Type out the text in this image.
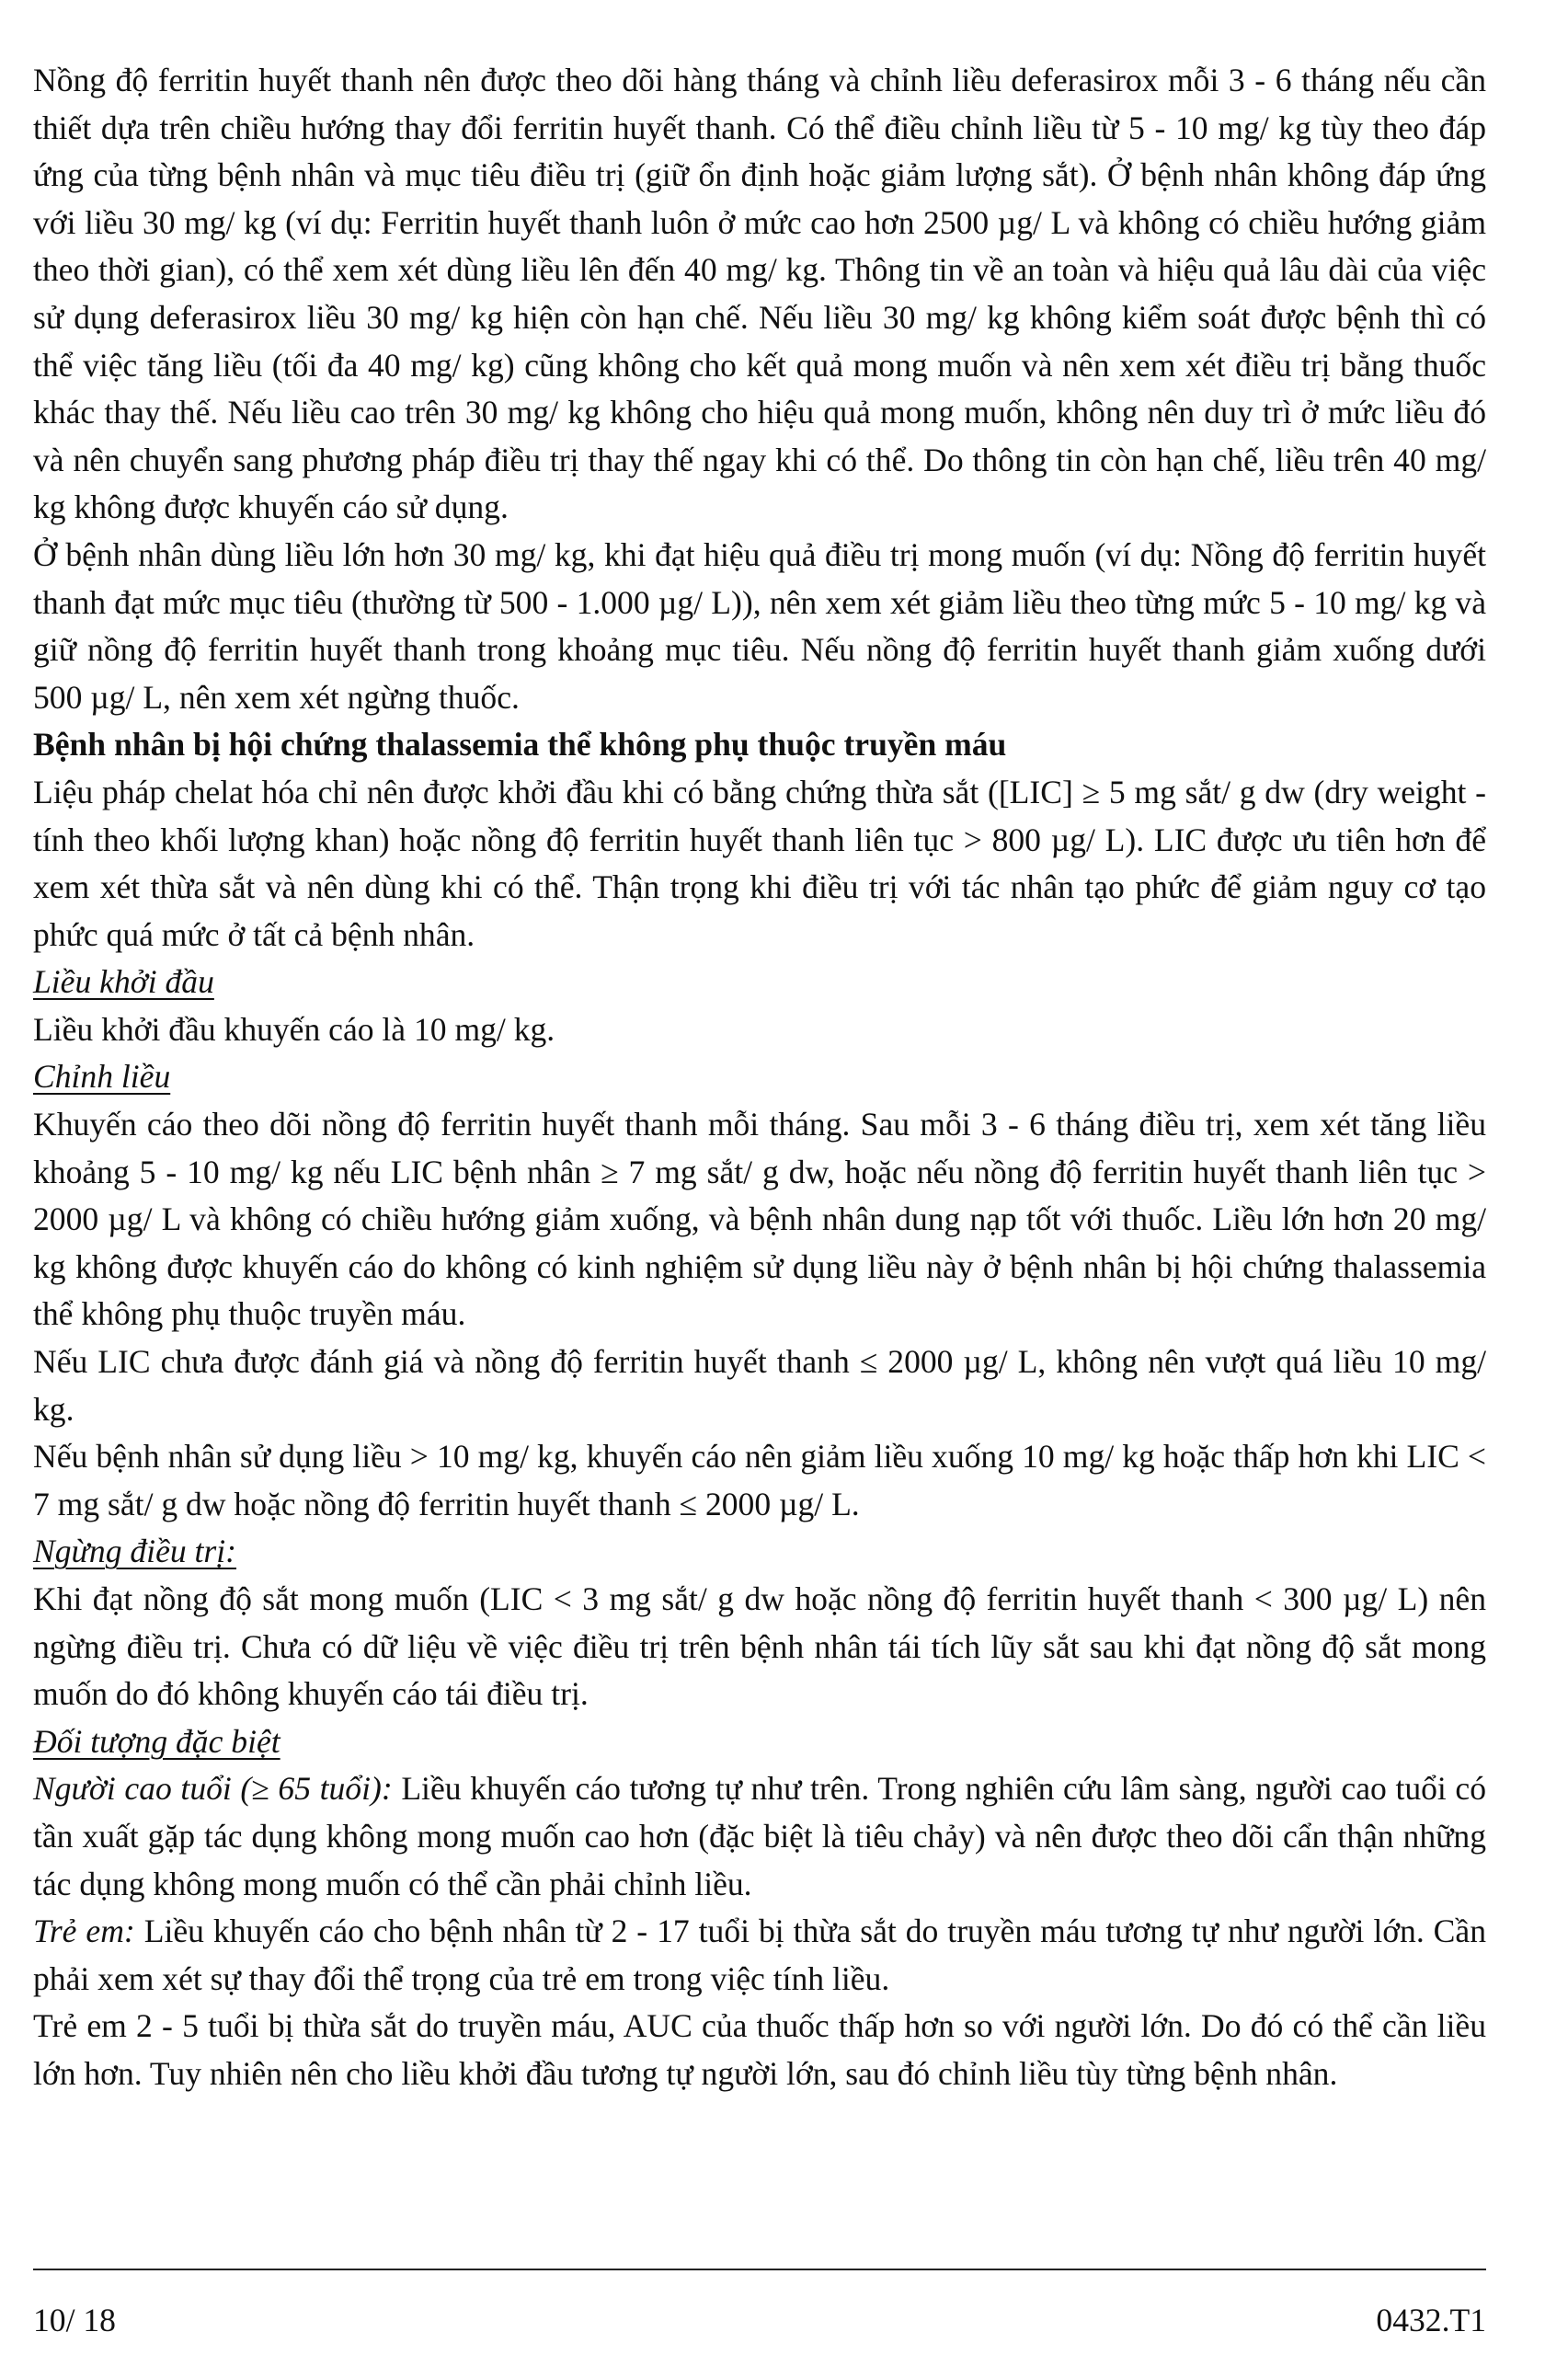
Nồng độ ferritin huyết thanh nên được theo dõi hàng tháng và chỉnh liều deferasirox mỗi 3 - 6 tháng nếu cần thiết dựa trên chiều hướng thay đổi ferritin huyết thanh. Có thể điều chỉnh liều từ 5 - 10 mg/ kg tùy theo đáp ứng của từng bệnh nhân và mục tiêu điều trị (giữ ổn định hoặc giảm lượng sắt). Ở bệnh nhân không đáp ứng với liều 30 mg/ kg (ví dụ: Ferritin huyết thanh luôn ở mức cao hơn 2500 µg/ L và không có chiều hướng giảm theo thời gian), có thể xem xét dùng liều lên đến 40 mg/ kg. Thông tin về an toàn và hiệu quả lâu dài của việc sử dụng deferasirox liều 30 mg/ kg hiện còn hạn chế. Nếu liều 30 mg/ kg không kiểm soát được bệnh thì có thể việc tăng liều (tối đa 40 mg/ kg) cũng không cho kết quả mong muốn và nên xem xét điều trị bằng thuốc khác thay thế. Nếu liều cao trên 30 mg/ kg không cho hiệu quả mong muốn, không nên duy trì ở mức liều đó và nên chuyển sang phương pháp điều trị thay thế ngay khi có thể. Do thông tin còn hạn chế, liều trên 40 mg/ kg không được khuyến cáo sử dụng.

Ở bệnh nhân dùng liều lớn hơn 30 mg/ kg, khi đạt hiệu quả điều trị mong muốn (ví dụ: Nồng độ ferritin huyết thanh đạt mức mục tiêu (thường từ 500 - 1.000 µg/ L)), nên xem xét giảm liều theo từng mức 5 - 10 mg/ kg và giữ nồng độ ferritin huyết thanh trong khoảng mục tiêu. Nếu nồng độ ferritin huyết thanh giảm xuống dưới 500 µg/ L, nên xem xét ngừng thuốc.

Bệnh nhân bị hội chứng thalassemia thể không phụ thuộc truyền máu

Liệu pháp chelat hóa chỉ nên được khởi đầu khi có bằng chứng thừa sắt ([LIC] ≥ 5 mg sắt/ g dw (dry weight - tính theo khối lượng khan) hoặc nồng độ ferritin huyết thanh liên tục > 800 µg/ L). LIC được ưu tiên hơn để xem xét thừa sắt và nên dùng khi có thể. Thận trọng khi điều trị với tác nhân tạo phức để giảm nguy cơ tạo phức quá mức ở tất cả bệnh nhân.

Liều khởi đầu

Liều khởi đầu khuyến cáo là 10 mg/ kg.

Chỉnh liều

Khuyến cáo theo dõi nồng độ ferritin huyết thanh mỗi tháng. Sau mỗi 3 - 6 tháng điều trị, xem xét tăng liều khoảng 5 - 10 mg/ kg nếu LIC bệnh nhân ≥ 7 mg sắt/ g dw, hoặc nếu nồng độ ferritin huyết thanh liên tục > 2000 µg/ L và không có chiều hướng giảm xuống, và bệnh nhân dung nạp tốt với thuốc. Liều lớn hơn 20 mg/ kg không được khuyến cáo do không có kinh nghiệm sử dụng liều này ở bệnh nhân bị hội chứng thalassemia thể không phụ thuộc truyền máu.

Nếu LIC chưa được đánh giá và nồng độ ferritin huyết thanh ≤ 2000 µg/ L, không nên vượt quá liều 10 mg/ kg.

Nếu bệnh nhân sử dụng liều > 10 mg/ kg, khuyến cáo nên giảm liều xuống 10 mg/ kg hoặc thấp hơn khi LIC < 7 mg sắt/ g dw hoặc nồng độ ferritin huyết thanh ≤ 2000 µg/ L.

Ngừng điều trị:

Khi đạt nồng độ sắt mong muốn (LIC < 3 mg sắt/ g dw hoặc nồng độ ferritin huyết thanh < 300 µg/ L) nên ngừng điều trị. Chưa có dữ liệu về việc điều trị trên bệnh nhân tái tích lũy sắt sau khi đạt nồng độ sắt mong muốn do đó không khuyến cáo tái điều trị.

Đối tượng đặc biệt

Người cao tuổi (≥ 65 tuổi): Liều khuyến cáo tương tự như trên. Trong nghiên cứu lâm sàng, người cao tuổi có tần xuất gặp tác dụng không mong muốn cao hơn (đặc biệt là tiêu chảy) và nên được theo dõi cẩn thận những tác dụng không mong muốn có thể cần phải chỉnh liều.

Trẻ em: Liều khuyến cáo cho bệnh nhân từ 2 - 17 tuổi bị thừa sắt do truyền máu tương tự như người lớn. Cần phải xem xét sự thay đổi thể trọng của trẻ em trong việc tính liều.

Trẻ em 2 - 5 tuổi bị thừa sắt do truyền máu, AUC của thuốc thấp hơn so với người lớn. Do đó có thể cần liều lớn hơn. Tuy nhiên nên cho liều khởi đầu tương tự người lớn, sau đó chỉnh liều tùy từng bệnh nhân.

10/ 18	0432.T1
